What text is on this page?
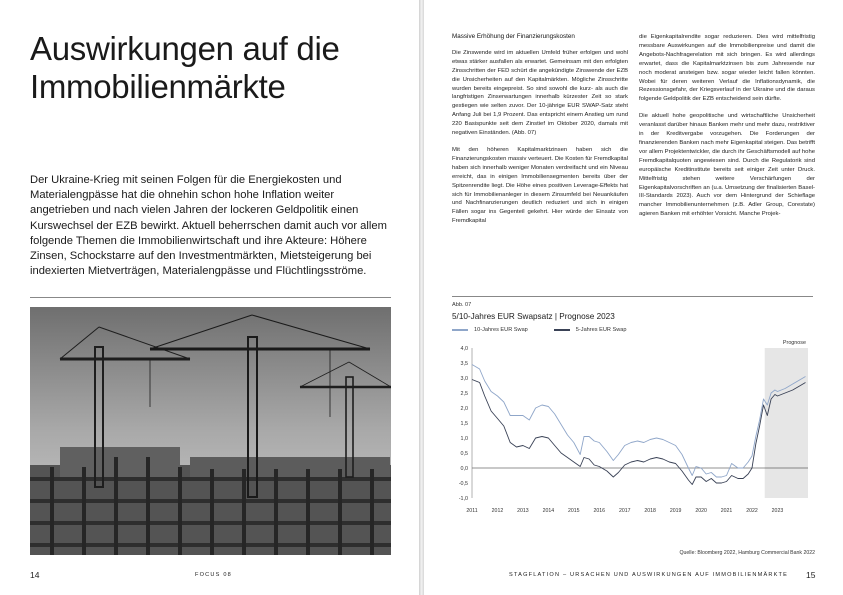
Auswirkungen auf die Immobilienmärkte

Der Ukraine-Krieg mit seinen Folgen für die Energiekosten und Materialengpässe hat die ohnehin schon hohe Inflation weiter angetrieben und nach vielen Jahren der lockeren Geldpolitik einen Kurswechsel der EZB bewirkt. Aktuell beherrschen damit auch vor allem folgende Themen die Immobilienwirtschaft und ihre Akteure: Höhere Zinsen, Schockstarre auf den Investmentmärkten, Mietsteigerung bei indexierten Mietverträgen, Materialengpässe und Flüchtlingsströme.

14	FOCUS 08
Massive Erhöhung der Finanzierungskosten

Die Zinswende wird im aktuellen Umfeld früher erfolgen und wohl etwas stärker ausfallen als erwartet. Gemeinsam mit den erfolgten Zinsschritten der FED schürt die angekündigte Zinswende der EZB die Unsicherheiten auf den Kapitalmärkten. Mögliche Zinsschritte wurden bereits eingepreist. So sind sowohl die kurz- als auch die langfristigen Zinserwartungen innerhalb kürzester Zeit so stark gestiegen wie selten zuvor. Der 10-jährige EUR SWAP-Satz steht Anfang Juli bei 1,9 Prozent. Das entspricht einem Anstieg um rund 220 Basispunkte seit dem Zinstief im Oktober 2020, damals mit negativen Einständen. (Abb. 07)

Mit den höheren Kapitalmarktzinsen haben sich die Finanzierungskosten massiv verteuert. Die Kosten für Fremdkapital haben sich innerhalb weniger Monaten verdreifacht und ein Niveau erreicht, das in einigen Immobiliensegmenten bereits über der Spitzenrendite liegt. Die Höhe eines positiven Leverage-Effekts hat sich für Immobilienanleger in diesem Zinsumfeld bei Neuankäufen und Nachfinanzierungen deutlich reduziert und sich in einigen Fällen sogar ins Gegenteil gekehrt. Hier würde der Einsatz von Fremdkapital

die Eigenkapitalrendite sogar reduzieren. Dies wird mittelfristig messbare Auswirkungen auf die Immobilienpreise und damit die Angebots-Nachfragerelation mit sich bringen. Es wird allerdings erwartet, dass die Kapitalmarktzinsen bis zum Jahresende nur noch moderat ansteigen bzw. sogar wieder leicht fallen könnten. Wobei für deren weiteren Verlauf die Inflationsdynamik, die Rezessionsgefahr, der Kriegsverlauf in der Ukraine und die daraus folgende Geldpolitik der EZB entscheidend sein dürfte.

Die aktuell hohe geopolitische und wirtschaftliche Unsicherheit veranlasst darüber hinaus Banken mehr und mehr dazu, restriktiver in der Kreditvergabe vorzugehen. Die Forderungen der finanzierenden Banken nach mehr Eigenkapital steigen. Das betrifft vor allem Projektentwickler, die durch ihr Geschäftsmodell auf hohe Fremdkapitalquoten angewiesen sind. Durch die Regulatorik sind europäische Kreditinstitute bereits seit einiger Zeit unter Druck. Mittelfristig stehen weitere Verschärfungen der Eigenkapitalvorschriften an (u.a. Umsetzung der finalisierten Basel-III-Standards 2023). Auch vor dem Hintergrund der Schieflage mancher Immobilienunternehmen (z.B. Adler Group, Corestate) agieren Banken mit erhöhter Vorsicht. Manche Projek-

Abb. 07
5/10-Jahres EUR Swapsatz | Prognose 2023
10-Jahres EUR Swap	5-Jahres EUR Swap
Prognose
4,0
3,5
3,0
2,5
2,0
1,5
1,0
0,5
0,0
-0,5
-1,0
2011	2012	2013	2014	2015	2016	2017	2018	2019	2020	2021	2022	2023
Quelle: Bloomberg 2022, Hamburg Commercial Bank 2022
STAGFLATION – URSACHEN UND AUSWIRKUNGEN AUF IMMOBILIENMÄRKTE 15
